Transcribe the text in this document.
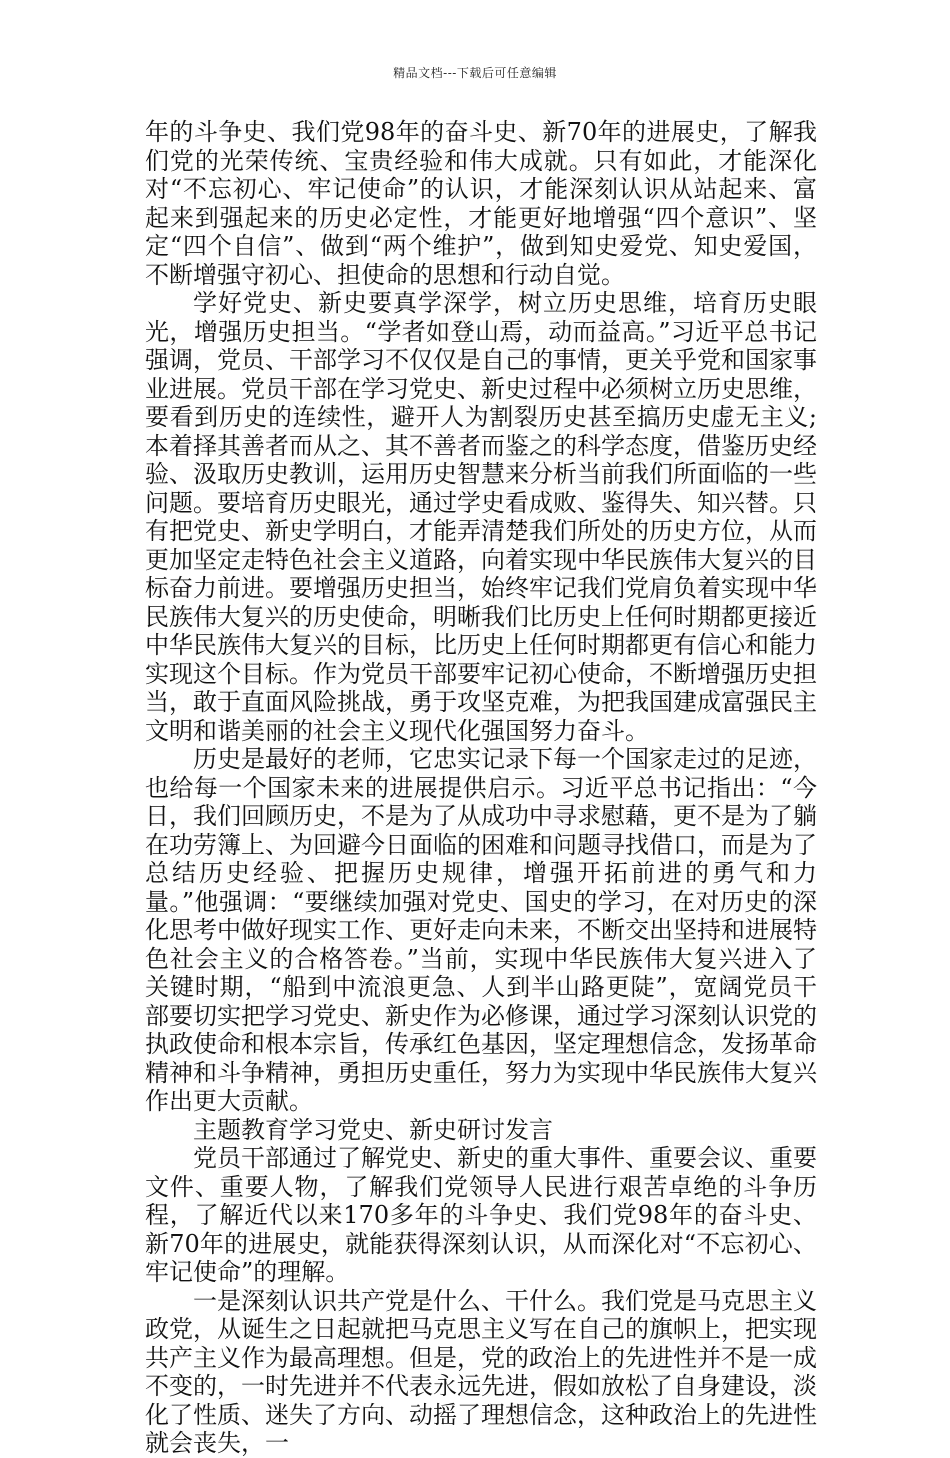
精品文档---下载后可任意编辑

年的斗争史、我们党98年的奋斗史、新70年的进展史，了解我们党的光荣传统、宝贵经验和伟大成就。只有如此，才能深化对“不忘初心、牢记使命”的认识，才能深刻认识从站起来、富起来到强起来的历史必定性，才能更好地增强“四个意识”、坚定“四个自信”、做到“两个维护”，做到知史爱党、知史爱国，不断增强守初心、担使命的思想和行动自觉。

学好党史、新史要真学深学，树立历史思维，培育历史眼光，增强历史担当。“学者如登山焉，动而益高。”习近平总书记强调，党员、干部学习不仅仅是自己的事情，更关乎党和国家事业进展。党员干部在学习党史、新史过程中必须树立历史思维，要看到历史的连续性，避开人为割裂历史甚至搞历史虚无主义;本着择其善者而从之、其不善者而鉴之的科学态度，借鉴历史经验、汲取历史教训，运用历史智慧来分析当前我们所面临的一些问题。要培育历史眼光，通过学史看成败、鉴得失、知兴替。只有把党史、新史学明白，才能弄清楚我们所处的历史方位，从而更加坚定走特色社会主义道路，向着实现中华民族伟大复兴的目标奋力前进。要增强历史担当，始终牢记我们党肩负着实现中华民族伟大复兴的历史使命，明晰我们比历史上任何时期都更接近中华民族伟大复兴的目标，比历史上任何时期都更有信心和能力实现这个目标。作为党员干部要牢记初心使命，不断增强历史担当，敢于直面风险挑战，勇于攻坚克难，为把我国建成富强民主文明和谐美丽的社会主义现代化强国努力奋斗。

历史是最好的老师，它忠实记录下每一个国家走过的足迹，也给每一个国家未来的进展提供启示。习近平总书记指出：“今日，我们回顾历史，不是为了从成功中寻求慰藉，更不是为了躺在功劳簿上、为回避今日面临的困难和问题寻找借口，而是为了总结历史经验、把握历史规律，增强开拓前进的勇气和力量。”他强调：“要继续加强对党史、国史的学习，在对历史的深化思考中做好现实工作、更好走向未来，不断交出坚持和进展特色社会主义的合格答卷。”当前，实现中华民族伟大复兴进入了关键时期，“船到中流浪更急、人到半山路更陡”，宽阔党员干部要切实把学习党史、新史作为必修课，通过学习深刻认识党的执政使命和根本宗旨，传承红色基因，坚定理想信念，发扬革命精神和斗争精神，勇担历史重任，努力为实现中华民族伟大复兴作出更大贡献。

主题教育学习党史、新史研讨发言

党员干部通过了解党史、新史的重大事件、重要会议、重要文件、重要人物，了解我们党领导人民进行艰苦卓绝的斗争历程，了解近代以来170多年的斗争史、我们党98年的奋斗史、新70年的进展史，就能获得深刻认识，从而深化对“不忘初心、牢记使命”的理解。

一是深刻认识共产党是什么、干什么。我们党是马克思主义政党，从诞生之日起就把马克思主义写在自己的旗帜上，把实现共产主义作为最高理想。但是，党的政治上的先进性并不是一成不变的，一时先进并不代表永远先进，假如放松了自身建设，淡化了性质、迷失了方向、动摇了理想信念，这种政治上的先进性就会丧失，一
